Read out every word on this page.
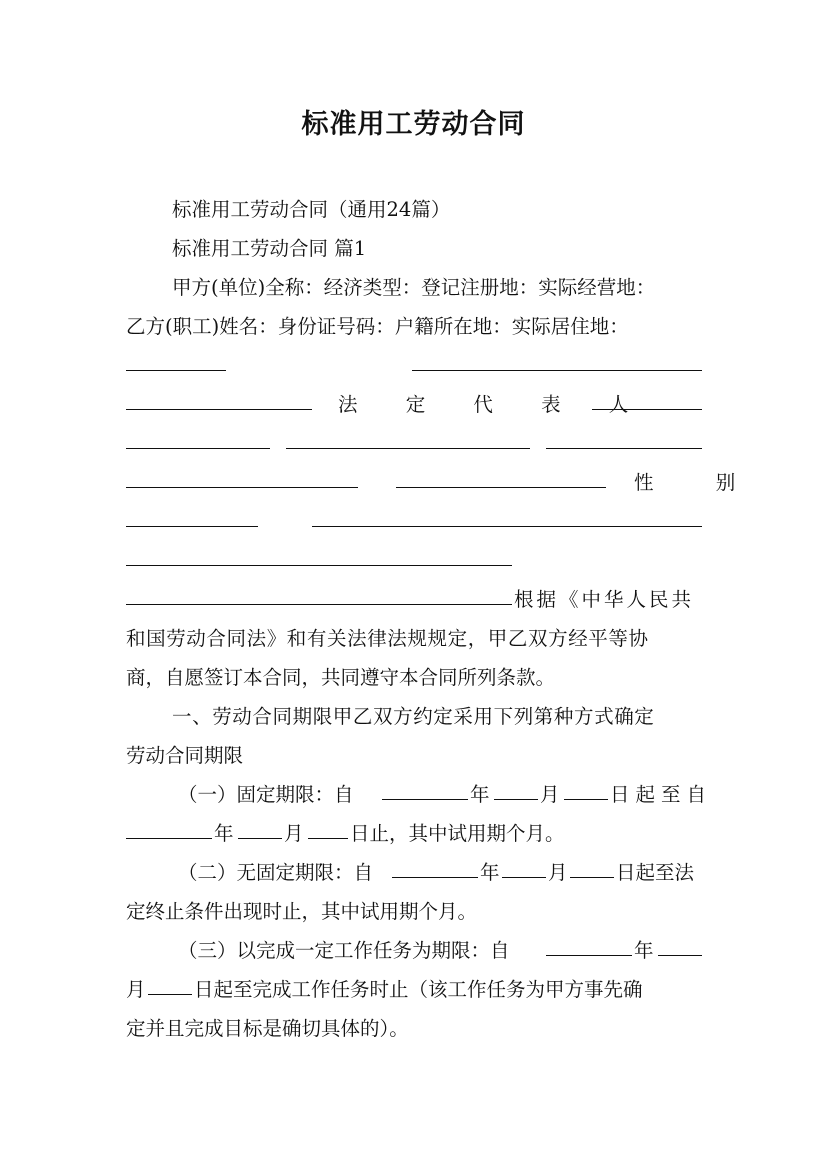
标准用工劳动合同
标准用工劳动合同（通用24篇）
标准用工劳动合同 篇1
甲方(单位)全称：经济类型：登记注册地：实际经营地：
乙方(职工)姓名：身份证号码：户籍所在地：实际居住地：
法 定 代 表 人
性 别
根据《中华人民共
和国劳动合同法》和有关法律法规规定，甲乙双方经平等协
商，自愿签订本合同，共同遵守本合同所列条款。
一、劳动合同期限甲乙双方约定采用下列第种方式确定
劳动合同期限
（一）固定期限：自	年	月	日起至自
年	月 日止，其中试用期个月。
（二）无固定期限：自	年 月 日起至法
定终止条件出现时止，其中试用期个月。
（三）以完成一定工作任务为期限：自	年
月 日起至完成工作任务时止（该工作任务为甲方事先确
定并且完成目标是确切具体的）。
